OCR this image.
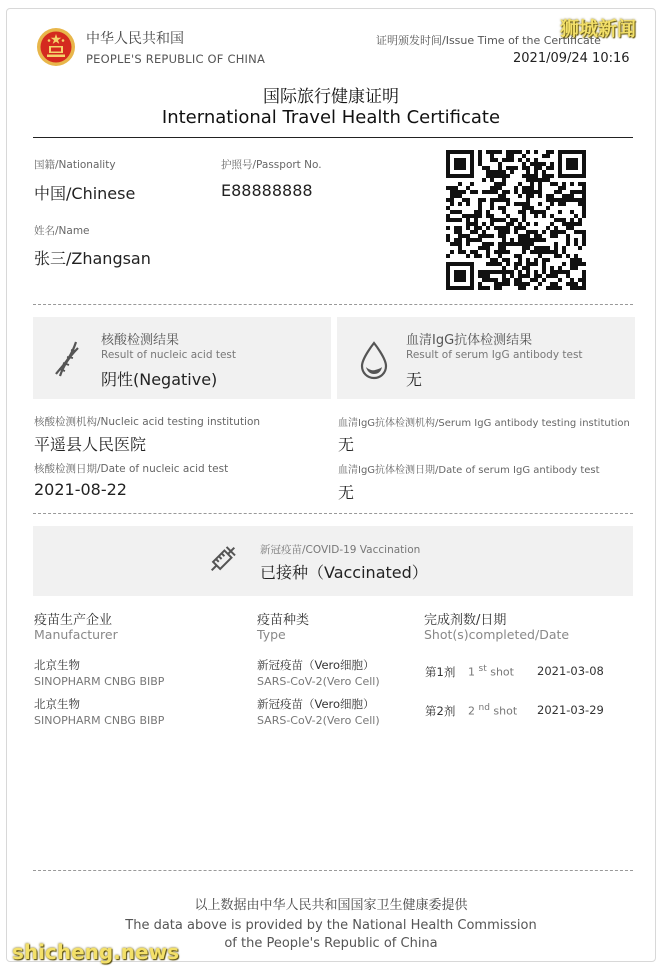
中华人民共和国
PEOPLE'S REPUBLIC OF CHINA
证明颁发时间/Issue Time of the Certificate
2021/09/24 10:16
狮城新闻
国际旅行健康证明
International Travel Health Certificate
国籍/Nationality
中国/Chinese
护照号/Passport No.
E88888888
姓名/Name
张三/Zhangsan
核酸检测结果
Result of nucleic acid test
阴性(Negative)
血清IgG抗体检测结果
Result of serum IgG antibody test
无
核酸检测机构/Nucleic acid testing institution
平遥县人民医院
核酸检测日期/Date of nucleic acid test
2021-08-22
血清IgG抗体检测机构/Serum IgG antibody testing institution
无
血清IgG抗体检测日期/Date of serum IgG antibody test
无
新冠疫苗/COVID-19 Vaccination
已接种（Vaccinated）
疫苗生产企业
Manufacturer
疫苗种类
Type
完成剂数/日期
Shot(s)completed/Date
北京生物
SINOPHARM CNBG BIBP
新冠疫苗（Vero细胞）
SARS-CoV-2(Vero Cell)
第1剂 1 $^{st}$ shot 2021-03-08
北京生物
SINOPHARM CNBG BIBP
新冠疫苗（Vero细胞）
SARS-CoV-2(Vero Cell)
第2剂 2 $^{nd}$ shot 2021-03-29
以上数据由中华人民共和国国家卫生健康委提供
The data above is provided by the National Health Commission
of the People's Republic of China
shicheng.news
